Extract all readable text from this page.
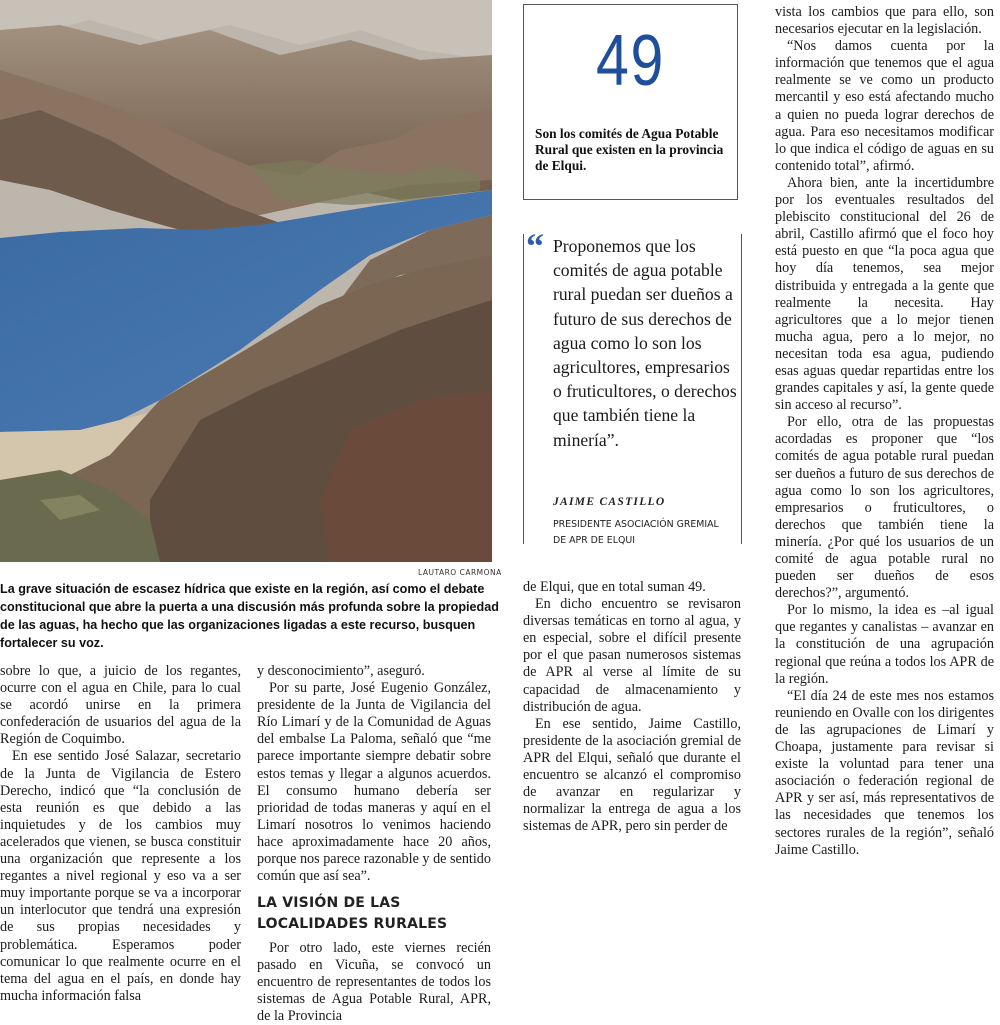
LAUTARO CARMONA
La grave situación de escasez hídrica que existe en la región, así como el debate constitucional que abre la puerta a una discusión más profunda sobre la propiedad de las aguas, ha hecho que las organizaciones ligadas a este recurso, busquen fortalecer su voz.

sobre lo que, a juicio de los regantes, ocurre con el agua en Chile, para lo cual se acordó unirse en la primera confederación de usuarios del agua de la Región de Coquimbo.

En ese sentido José Salazar, secretario de la Junta de Vigilancia de Estero Derecho, indicó que “la conclusión de esta reunión es que debido a las inquietudes y de los cambios muy acelerados que vienen, se busca constituir una organización que represente a los regantes a nivel regional y eso va a ser muy importante porque se va a incorporar un interlocutor que tendrá una expresión de sus propias necesidades y problemática. Esperamos poder comunicar lo que realmente ocurre en el tema del agua en el país, en donde hay mucha información falsa

y desconocimiento”, aseguró.

Por su parte, José Eugenio González, presidente de la Junta de Vigilancia del Río Limarí y de la Comunidad de Aguas del embalse La Paloma, señaló que “me parece importante siempre debatir sobre estos temas y llegar a algunos acuerdos. El consumo humano debería ser prioridad de todas maneras y aquí en el Limarí nosotros lo venimos haciendo hace aproximadamente hace 20 años, porque nos parece razonable y de sentido común que así sea”.

LA VISIÓN DE LAS LOCALIDADES RURALES

Por otro lado, este viernes recién pasado en Vicuña, se convocó un encuentro de representantes de todos los sistemas de Agua Potable Rural, APR, de la Provincia

49
Son los comités de Agua Potable Rural que existen en la provincia de Elqui.
“ Proponemos que los comités de agua potable rural puedan ser dueños a futuro de sus derechos de agua como lo son los agricultores, empresarios o fruticultores, o derechos que también tiene la minería”.
JAIME CASTILLO
PRESIDENTE ASOCIACIÓN GREMIAL DE APR DE ELQUI

de Elqui, que en total suman 49.

En dicho encuentro se revisaron diversas temáticas en torno al agua, y en especial, sobre el difícil presente por el que pasan numerosos sistemas de APR al verse al límite de su capacidad de almacenamiento y distribución de agua.

En ese sentido, Jaime Castillo, presidente de la asociación gremial de APR del Elqui, señaló que durante el encuentro se alcanzó el compromiso de avanzar en regularizar y normalizar la entrega de agua a los sistemas de APR, pero sin perder de

vista los cambios que para ello, son necesarios ejecutar en la legislación.

“Nos damos cuenta por la información que tenemos que el agua realmente se ve como un producto mercantil y eso está afectando mucho a quien no pueda lograr derechos de agua. Para eso necesitamos modificar lo que indica el código de aguas en su contenido total”, afirmó.

Ahora bien, ante la incertidumbre por los eventuales resultados del plebiscito constitucional del 26 de abril, Castillo afirmó que el foco hoy está puesto en que “la poca agua que hoy día tenemos, sea mejor distribuida y entregada a la gente que realmente la necesita. Hay agricultores que a lo mejor tienen mucha agua, pero a lo mejor, no necesitan toda esa agua, pudiendo esas aguas quedar repartidas entre los grandes capitales y así, la gente quede sin acceso al recurso”.

Por ello, otra de las propuestas acordadas es proponer que “los comités de agua potable rural puedan ser dueños a futuro de sus derechos de agua como lo son los agricultores, empresarios o fruticultores, o derechos que también tiene la minería. ¿Por qué los usuarios de un comité de agua potable rural no pueden ser dueños de esos derechos?”, argumentó.

Por lo mismo, la idea es –al igual que regantes y canalistas – avanzar en la constitución de una agrupación regional que reúna a todos los APR de la región.

“El día 24 de este mes nos estamos reuniendo en Ovalle con los dirigentes de las agrupaciones de Limarí y Choapa, justamente para revisar si existe la voluntad para tener una asociación o federación regional de APR y ser así, más representativos de las necesidades que tenemos los sectores rurales de la región”, señaló Jaime Castillo.
